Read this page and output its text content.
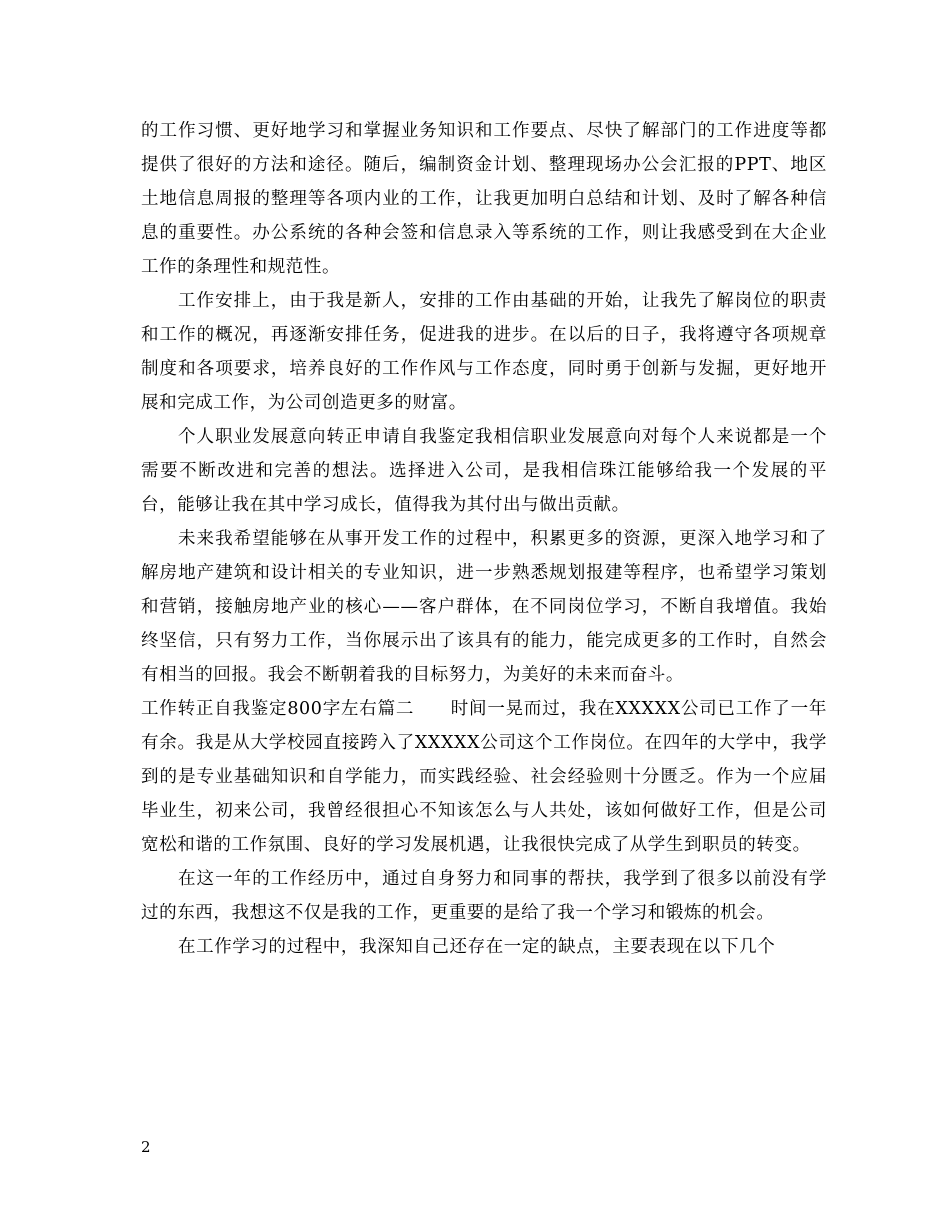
的工作习惯、更好地学习和掌握业务知识和工作要点、尽快了解部门的工作进度等都提供了很好的方法和途径。随后，编制资金计划、整理现场办公会汇报的PPT、地区土地信息周报的整理等各项内业的工作，让我更加明白总结和计划、及时了解各种信息的重要性。办公系统的各种会签和信息录入等系统的工作，则让我感受到在大企业工作的条理性和规范性。

工作安排上，由于我是新人，安排的工作由基础的开始，让我先了解岗位的职责和工作的概况，再逐渐安排任务，促进我的进步。在以后的日子，我将遵守各项规章制度和各项要求，培养良好的工作作风与工作态度，同时勇于创新与发掘，更好地开展和完成工作，为公司创造更多的财富。

个人职业发展意向转正申请自我鉴定我相信职业发展意向对每个人来说都是一个需要不断改进和完善的想法。选择进入公司，是我相信珠江能够给我一个发展的平台，能够让我在其中学习成长，值得我为其付出与做出贡献。

未来我希望能够在从事开发工作的过程中，积累更多的资源，更深入地学习和了解房地产建筑和设计相关的专业知识，进一步熟悉规划报建等程序，也希望学习策划和营销，接触房地产业的核心——客户群体，在不同岗位学习，不断自我增值。我始终坚信，只有努力工作，当你展示出了该具有的能力，能完成更多的工作时，自然会有相当的回报。我会不断朝着我的目标努力，为美好的未来而奋斗。

工作转正自我鉴定800字左右篇二　　时间一晃而过，我在XXXXX公司已工作了一年有余。我是从大学校园直接跨入了XXXXX公司这个工作岗位。在四年的大学中，我学到的是专业基础知识和自学能力，而实践经验、社会经验则十分匮乏。作为一个应届毕业生，初来公司，我曾经很担心不知该怎么与人共处，该如何做好工作，但是公司宽松和谐的工作氛围、良好的学习发展机遇，让我很快完成了从学生到职员的转变。

在这一年的工作经历中，通过自身努力和同事的帮扶，我学到了很多以前没有学过的东西，我想这不仅是我的工作，更重要的是给了我一个学习和锻炼的机会。

在工作学习的过程中，我深知自己还存在一定的缺点，主要表现在以下几个

2
